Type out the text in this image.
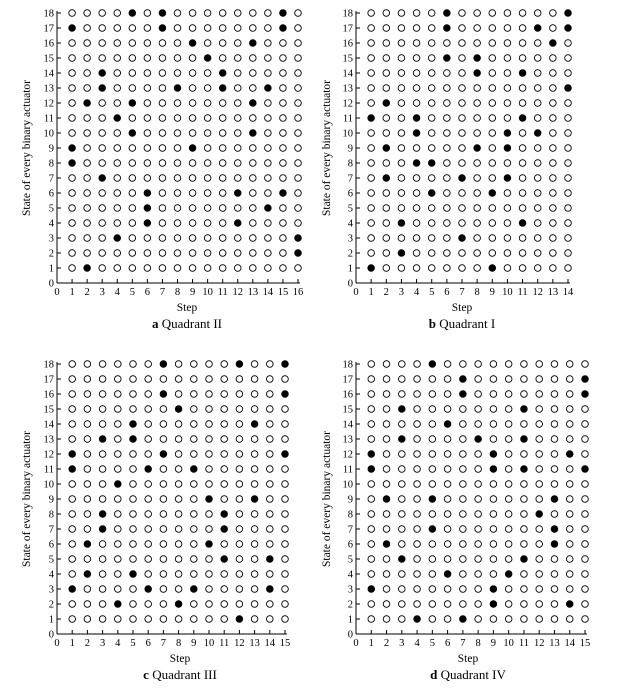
0 1 2 3 4 5 6 7 8 9 10 11 12 13 14 15 16
0
1
2
3
4
5
6
7
8
9
10
11
12
13
14
15
16
17
18
Step
State of every binary actuator
a Quadrant II
0 1 2 3 4 5 6 7 8 9 10 11 12 13 14
0
1
2
3
4
5
6
7
8
9
10
11
12
13
14
15
16
17
18
Step
State of every binary actuator
b Quadrant I
0 1 2 3 4 5 6 7 8 9 10 11 12 13 14 15
0
1
2
3
4
5
6
7
8
9
10
11
12
13
14
15
16
17
18
Step
State of every binary actuator
c Quadrant III
0 1 2 3 4 5 6 7 8 9 10 11 12 13 14 15
0
1
2
3
4
5
6
7
8
9
10
11
12
13
14
15
16
17
18
Step
State of every binary actuator
d Quadrant IV
